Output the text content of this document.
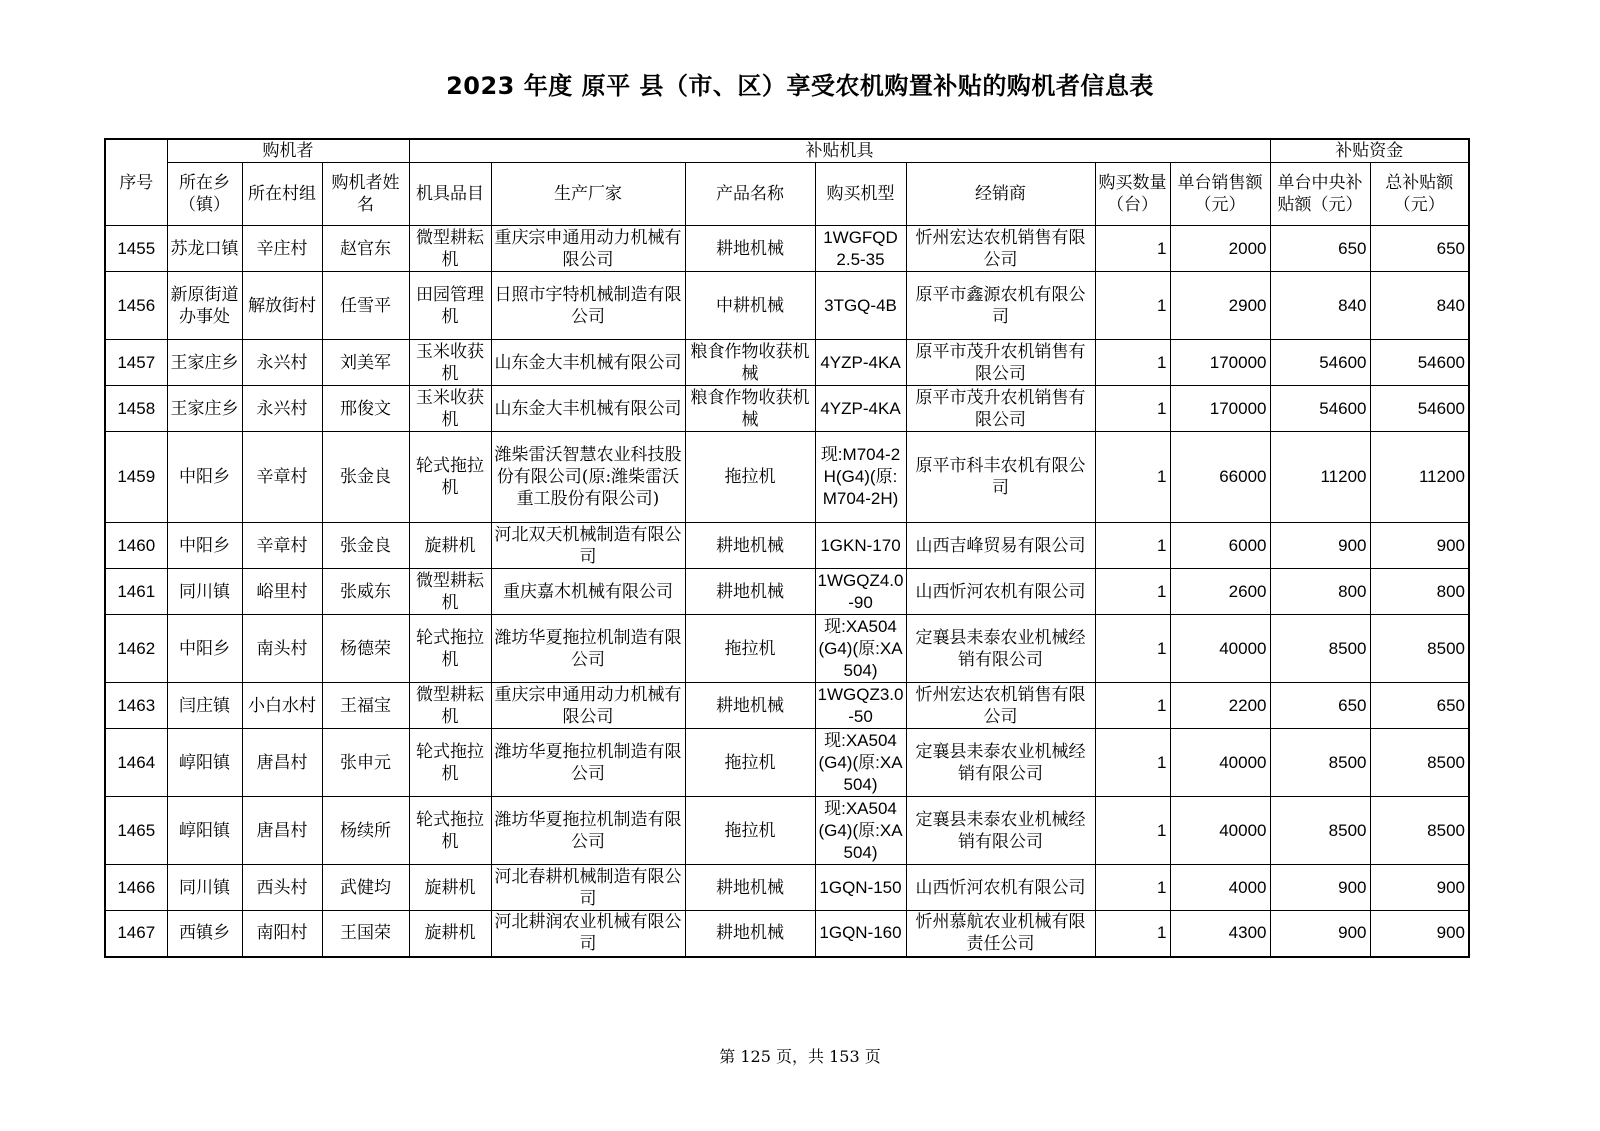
2023 年度 原平 县（市、区）享受农机购置补贴的购机者信息表
序号	购机者			补贴机具							补贴资金	
	所在乡（镇）	所在村组	购机者姓名	机具品目	生产厂家	产品名称	购买机型	经销商	购买数量（台）	单台销售额（元）	单台中央补贴额（元）	总补贴额（元）
1455	苏龙口镇	辛庄村	赵官东	微型耕耘机	重庆宗申通用动力机械有限公司	耕地机械	1WGFQD2.5-35	忻州宏达农机销售有限公司	1	2000	650	650
1456	新原街道办事处	解放街村	任雪平	田园管理机	日照市宇特机械制造有限公司	中耕机械	3TGQ-4B	原平市鑫源农机有限公司	1	2900	840	840
1457	王家庄乡	永兴村	刘美军	玉米收获机	山东金大丰机械有限公司	粮食作物收获机械	4YZP-4KA	原平市茂升农机销售有限公司	1	170000	54600	54600
1458	王家庄乡	永兴村	邢俊文	玉米收获机	山东金大丰机械有限公司	粮食作物收获机械	4YZP-4KA	原平市茂升农机销售有限公司	1	170000	54600	54600
1459	中阳乡	辛章村	张金良	轮式拖拉机	潍柴雷沃智慧农业科技股份有限公司(原:潍柴雷沃重工股份有限公司)	拖拉机	现:M704-2H(G4)(原:M704-2H)	原平市科丰农机有限公司	1	66000	11200	11200
1460	中阳乡	辛章村	张金良	旋耕机	河北双天机械制造有限公司	耕地机械	1GKN-170	山西吉峰贸易有限公司	1	6000	900	900
1461	同川镇	峪里村	张威东	微型耕耘机	重庆嘉木机械有限公司	耕地机械	1WGQZ4.0-90	山西忻河农机有限公司	1	2600	800	800
1462	中阳乡	南头村	杨德荣	轮式拖拉机	潍坊华夏拖拉机制造有限公司	拖拉机	现:XA504(G4)(原:XA504)	定襄县耒泰农业机械经销有限公司	1	40000	8500	8500
1463	闫庄镇	小白水村	王福宝	微型耕耘机	重庆宗申通用动力机械有限公司	耕地机械	1WGQZ3.0-50	忻州宏达农机销售有限公司	1	2200	650	650
1464	崞阳镇	唐昌村	张申元	轮式拖拉机	潍坊华夏拖拉机制造有限公司	拖拉机	现:XA504(G4)(原:XA504)	定襄县耒泰农业机械经销有限公司	1	40000	8500	8500
1465	崞阳镇	唐昌村	杨续所	轮式拖拉机	潍坊华夏拖拉机制造有限公司	拖拉机	现:XA504(G4)(原:XA504)	定襄县耒泰农业机械经销有限公司	1	40000	8500	8500
1466	同川镇	西头村	武健均	旋耕机	河北春耕机械制造有限公司	耕地机械	1GQN-150	山西忻河农机有限公司	1	4000	900	900
1467	西镇乡	南阳村	王国荣	旋耕机	河北耕润农业机械有限公司	耕地机械	1GQN-160	忻州慕航农业机械有限责任公司	1	4300	900	900
第 125 页，共 153 页
